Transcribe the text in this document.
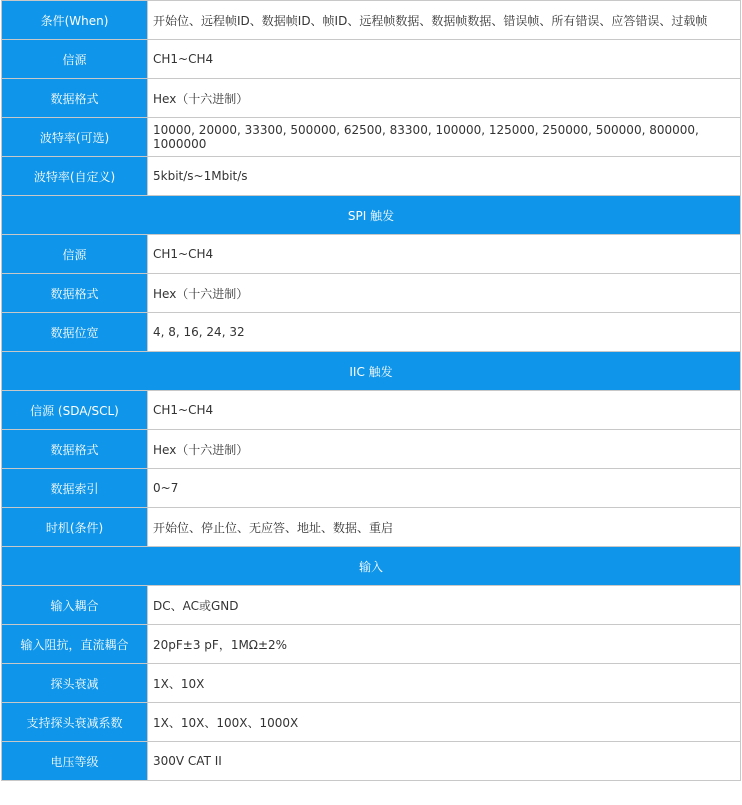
条件(When)	开始位、远程帧ID、数据帧ID、帧ID、远程帧数据、数据帧数据、错误帧、所有错误、应答错误、过载帧
信源	CH1~CH4
数据格式	Hex（十六进制）
波特率(可选)	10000, 20000, 33300, 500000, 62500, 83300, 100000, 125000, 250000, 500000, 800000, 1000000
波特率(自定义)	5kbit/s~1Mbit/s
SPI 触发	
信源	CH1~CH4
数据格式	Hex（十六进制）
数据位宽	4, 8, 16, 24, 32
IIC 触发	
信源 (SDA/SCL)	CH1~CH4
数据格式	Hex（十六进制）
数据索引	0~7
时机(条件)	开始位、停止位、无应答、地址、数据、重启
输入	
输入耦合	DC、AC或GND
输入阻抗，直流耦合	20pF±3 pF，1MΩ±2%
探头衰减	1X、10X
支持探头衰减系数	1X、10X、100X、1000X
电压等级	300V CAT II
